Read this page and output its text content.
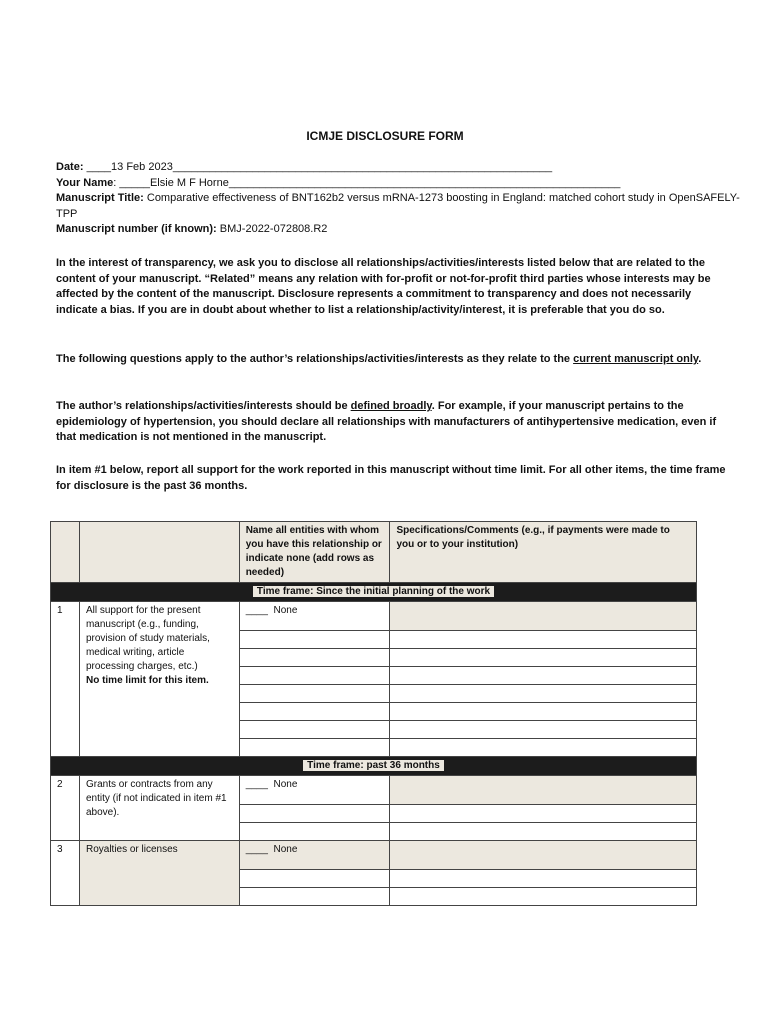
ICMJE DISCLOSURE FORM
Date: ____13 Feb 2023______________________________________________________________
Your Name: _____Elsie M F Horne________________________________________________________________
Manuscript Title: Comparative effectiveness of BNT162b2 versus mRNA-1273 boosting in England: matched cohort study in OpenSAFELY-TPP
Manuscript number (if known): BMJ-2022-072808.R2
In the interest of transparency, we ask you to disclose all relationships/activities/interests listed below that are related to the content of your manuscript. “Related” means any relation with for-profit or not-for-profit third parties whose interests may be affected by the content of the manuscript. Disclosure represents a commitment to transparency and does not necessarily indicate a bias. If you are in doubt about whether to list a relationship/activity/interest, it is preferable that you do so.
The following questions apply to the author’s relationships/activities/interests as they relate to the current manuscript only.
The author’s relationships/activities/interests should be defined broadly. For example, if your manuscript pertains to the epidemiology of hypertension, you should declare all relationships with manufacturers of antihypertensive medication, even if that medication is not mentioned in the manuscript.
In item #1 below, report all support for the work reported in this manuscript without time limit. For all other items, the time frame for disclosure is the past 36 months.
		Name all entities with whom you have this relationship or indicate none (add rows as needed)	Specifications/Comments (e.g., if payments were made to you or to your institution)
Time frame: Since the initial planning of the work			
1	All support for the present manuscript (e.g., funding, provision of study materials, medical writing, article processing charges, etc.)
No time limit for this item.	____  None	

Time frame: past 36 months			
2	Grants or contracts from any entity (if not indicated in item #1 above).	____  None	

3	Royalties or licenses	____  None	
